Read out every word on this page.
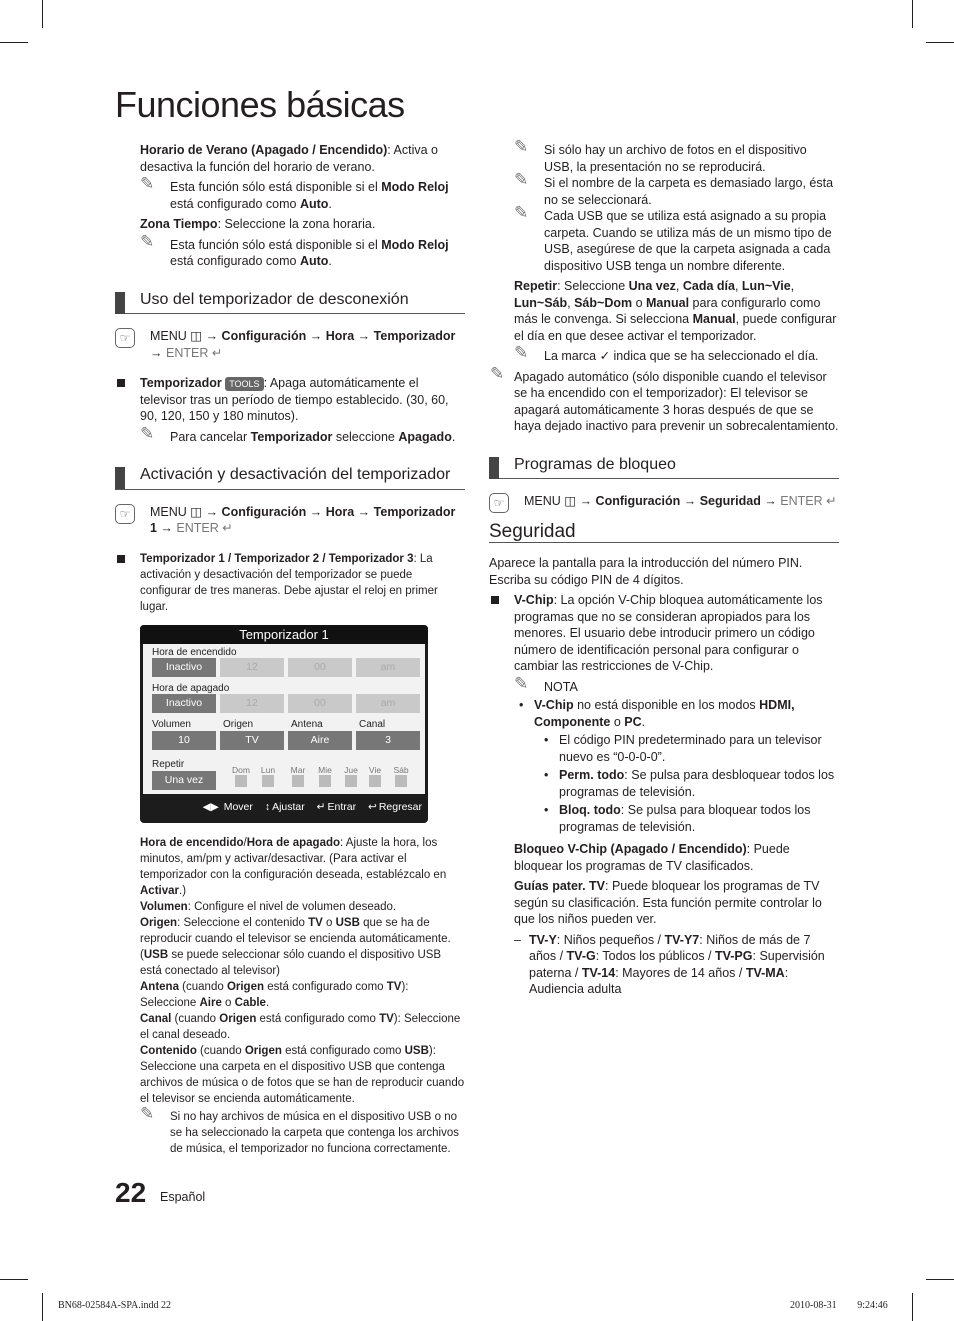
Funciones básicas

Horario de Verano (Apagado / Encendido): Activa o desactiva la función del horario de verano.

✎ Esta función sólo está disponible si el Modo Reloj está configurado como Auto.

Zona Tiempo: Seleccione la zona horaria.

✎ Esta función sólo está disponible si el Modo Reloj está configurado como Auto.
Uso del temporizador de desconexión
☞	MENU ◫ → Configuración → Hora → Temporizador → ENTER ↵
Temporizador TOOLS : Apaga automáticamente el televisor tras un período de tiempo establecido. (30, 60, 90, 120, 150 y 180 minutos).
✎ Para cancelar Temporizador seleccione Apagado.
Activación y desactivación del temporizador
☞	MENU ◫ → Configuración → Hora → Temporizador 1 → ENTER ↵
Temporizador 1 / Temporizador 2 / Temporizador 3: La activación y desactivación del temporizador se puede configurar de tres maneras. Debe ajustar el reloj en primer lugar.
Temporizador 1
Hora de encendido
Inactivo	12	00	am
Hora de apagado
Inactivo	12	00	am
Volumen	Origen	Antena	Canal
10	TV	Aire	3
Repetir
Una vez
Dom	Lun	Mar	Mie	Jue	Vie	Sáb
◀▶ Mover ↕ Ajustar ↵ Entrar ↩ Regresar

Hora de encendido/Hora de apagado: Ajuste la hora, los minutos, am/pm y activar/desactivar. (Para activar el temporizador con la configuración deseada, establézcalo en Activar.)
Volumen: Configure el nivel de volumen deseado.
Origen: Seleccione el contenido TV o USB que se ha de reproducir cuando el televisor se encienda automáticamente. (USB se puede seleccionar sólo cuando el dispositivo USB está conectado al televisor)
Antena (cuando Origen está configurado como TV): Seleccione Aire o Cable.
Canal (cuando Origen está configurado como TV): Seleccione el canal deseado.
Contenido (cuando Origen está configurado como USB): Seleccione una carpeta en el dispositivo USB que contenga archivos de música o de fotos que se han de reproducir cuando el televisor se encienda automáticamente.

✎ Si no hay archivos de música en el dispositivo USB o no se ha seleccionado la carpeta que contenga los archivos de música, el temporizador no funciona correctamente.
✎ Si sólo hay un archivo de fotos en el dispositivo USB, la presentación no se reproducirá.
✎ Si el nombre de la carpeta es demasiado largo, ésta no se seleccionará.
✎ Cada USB que se utiliza está asignado a su propia carpeta. Cuando se utiliza más de un mismo tipo de USB, asegúrese de que la carpeta asignada a cada dispositivo USB tenga un nombre diferente.

Repetir: Seleccione Una vez, Cada día, Lun~Vie, Lun~Sáb, Sáb~Dom o Manual para configurarlo como más le convenga. Si selecciona Manual, puede configurar el día en que desee activar el temporizador.

✎ La marca ✓ indica que se ha seleccionado el día.
✎ Apagado automático (sólo disponible cuando el televisor se ha encendido con el temporizador): El televisor se apagará automáticamente 3 horas después de que se haya dejado inactivo para prevenir un sobrecalentamiento.
Programas de bloqueo
☞	MENU ◫ → Configuración → Seguridad → ENTER ↵
Seguridad

Aparece la pantalla para la introducción del número PIN. Escriba su código PIN de 4 dígitos.

V-Chip: La opción V-Chip bloquea automáticamente los programas que no se consideran apropiados para los menores. El usuario debe introducir primero un código número de identificación personal para configurar o cambiar las restricciones de V-Chip.
✎ NOTA
• V-Chip no está disponible en los modos HDMI, Componente o PC.
• El código PIN predeterminado para un televisor nuevo es “0-0-0-0”.
• Perm. todo: Se pulsa para desbloquear todos los programas de televisión.
• Bloq. todo: Se pulsa para bloquear todos los programas de televisión.

Bloqueo V-Chip (Apagado / Encendido): Puede bloquear los programas de TV clasificados.

Guías pater. TV: Puede bloquear los programas de TV según su clasificación. Esta función permite controlar lo que los niños pueden ver.

– TV-Y: Niños pequeños / TV-Y7: Niños de más de 7 años / TV-G: Todos los públicos / TV-PG: Supervisión paterna / TV-14: Mayores de 14 años / TV-MA: Audiencia adulta
22 Español
BN68-02584A-SPA.indd 22	2010-08-31 ￿￿ 9:24:46
